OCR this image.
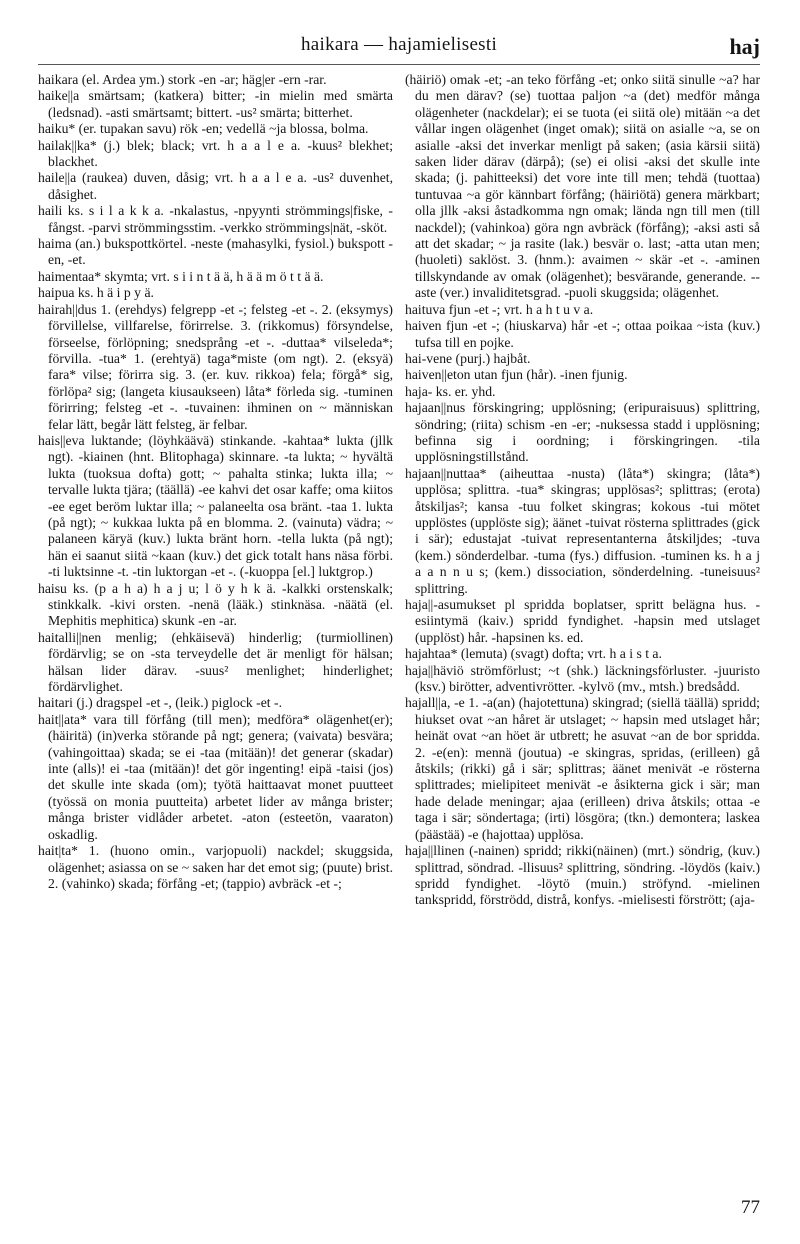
haikara — hajamielisesti	haj

haikara (el. Ardea ym.) stork -en -ar; häg|er -ern -rar.

haike||a smärtsam; (katkera) bitter; -in mielin med smärta (ledsnad). -asti smärtsamt; bittert. -us² smärta; bitterhet.

haiku* (er. tupakan savu) rök -en; vedellä ~ja blossa, bolma.

hailak||ka* (j.) blek; black; vrt. h a a l e a. -kuus² blekhet; blackhet.

haile||a (raukea) duven, dåsig; vrt. h a a l e a. -us² duvenhet, dåsighet.

haili ks. s i l a k k a. -nkalastus, -npyynti strömmings|fiske, -fångst. -parvi strömmingsstim. -verkko strömmings|nät, -sköt.

haima (an.) bukspottkörtel. -neste (mahasylki, fysiol.) bukspott -en, -et.

haimentaa* skymta; vrt. s i i n t ä ä, h ä ä m ö t t ä ä.

haipua ks. h ä i p y ä.

hairah||dus 1. (erehdys) felgrepp -et -; felsteg -et -. 2. (eksymys) förvillelse, villfarelse, förirrelse. 3. (rikkomus) försyndelse, förseelse, förlöpning; snedsprång -et -. -duttaa* vilseleda*; förvilla. -tua* 1. (erehtyä) taga*miste (om ngt). 2. (eksyä) fara* vilse; förirra sig. 3. (er. kuv. rikkoa) fela; förgå* sig, förlöpa² sig; (langeta kiusaukseen) låta* förleda sig. -tuminen förirring; felsteg -et -. -tuvainen: ihminen on ~ människan felar lätt, begår lätt felsteg, är felbar.

hais||eva luktande; (löyhkäävä) stinkande. -kahtaa* lukta (jllk ngt). -kiainen (hnt. Blitophaga) skinnare. -ta lukta; ~ hyvältä lukta (tuoksua dofta) gott; ~ pahalta stinka; lukta illa; ~ tervalle lukta tjära; (täällä) -ee kahvi det osar kaffe; oma kiitos -ee eget beröm luktar illa; ~ palaneelta osa bränt. -taa 1. lukta (på ngt); ~ kukkaa lukta på en blomma. 2. (vainuta) vädra; ~ palaneen käryä (kuv.) lukta bränt horn. -tella lukta (på ngt); hän ei saanut siitä ~kaan (kuv.) det gick totalt hans näsa förbi. -ti luktsinne -t. -tin luktorgan -et -. (-kuoppa [el.] luktgrop.)

haisu ks. (p a h a) h a j u; l ö y h k ä. -kalkki orstenskalk; stinkkalk. -kivi orsten. -nenä (lääk.) stinknäsa. -näätä (el. Mephitis mephitica) skunk -en -ar.

haitalli||nen menlig; (ehkäisevä) hinderlig; (turmiollinen) fördärvlig; se on -sta terveydelle det är menligt för hälsan; hälsan lider därav. -suus² menlighet; hinderlighet; fördärvlighet.

haitari (j.) dragspel -et -, (leik.) piglock -et -.

hait||ata* vara till förfång (till men); medföra* olägenhet(er); (häiritä) (in)verka störande på ngt; genera; (vaivata) besvära; (vahingoittaa) skada; se ei -taa (mitään)! det generar (skadar) inte (alls)! ei -taa (mitään)! det gör ingenting! eipä -taisi (jos) det skulle inte skada (om); työtä haittaavat monet puutteet (työssä on monia puutteita) arbetet lider av många brister; många brister vidlåder arbetet. -aton (esteetön, vaaraton) oskadlig.

hait|ta* 1. (huono omin., varjopuoli) nackdel; skuggsida, olägenhet; asiassa on se ~ saken har det emot sig; (puute) brist. 2. (vahinko) skada; förfång -et; (tappio) avbräck -et -;

(häiriö) omak -et; -an teko förfång -et; onko siitä sinulle ~a? har du men därav? (se) tuottaa paljon ~a (det) medför många olägenheter (nackdelar); ei se tuota (ei siitä ole) mitään ~a det vållar ingen olägenhet (inget omak); siitä on asialle ~a, se on asialle -aksi det inverkar menligt på saken; (asia kärsii siitä) saken lider därav (därpå); (se) ei olisi -aksi det skulle inte skada; (j. pahitteeksi) det vore inte till men; tehdä (tuottaa) tuntuvaa ~a gör kännbart förfång; (häiriötä) genera märkbart; olla jllk -aksi åstadkomma ngn omak; lända ngn till men (till nackdel); (vahinkoa) göra ngn avbräck (förfång); -aksi asti så att det skadar; ~ ja rasite (lak.) besvär o. last; -atta utan men; (huoleti) saklöst. 3. (hnm.): avaimen ~ skär -et -. -aminen tillskyndande av omak (olägenhet); besvärande, generande. --aste (ver.) invaliditetsgrad. -puoli skuggsida; olägenhet.

haituva fjun -et -; vrt. h a h t u v a.

haiven fjun -et -; (hiuskarva) hår -et -; ottaa poikaa ~ista (kuv.) tufsa till en pojke.

hai-vene (purj.) hajbåt.

haiven||eton utan fjun (hår). -inen fjunig.

haja- ks. er. yhd.

hajaan||nus förskingring; upplösning; (eripuraisuus) splittring, söndring; (riita) schism -en -er; -nuksessa stadd i upplösning; befinna sig i oordning; i förskingringen. -tila upplösningstillstånd.

hajaan||nuttaa* (aiheuttaa -nusta) (låta*) skingra; (låta*) upplösa; splittra. -tua* skingras; upplösas²; splittras; (erota) åtskiljas²; kansa -tuu folket skingras; kokous -tui mötet upplöstes (upplöste sig); äänet -tuivat rösterna splittrades (gick i sär); edustajat -tuivat representanterna åtskiljdes; -tuva (kem.) sönderdelbar. -tuma (fys.) diffusion. -tuminen ks. h a j a a n n u s; (kem.) dissociation, sönderdelning. -tuneisuus² splittring.

haja||-asumukset pl spridda boplatser, spritt belägna hus. -esiintymä (kaiv.) spridd fyndighet. -hapsin med utslaget (upplöst) hår. -hapsinen ks. ed.

hajahtaa* (lemuta) (svagt) dofta; vrt. h a i s t a.

haja||häviö strömförlust; ~t (shk.) läckningsförluster. -juuristo (ksv.) birötter, adventivrötter. -kylvö (mv., mtsh.) bredsådd.

hajall||a, -e 1. -a(an) (hajotettuna) skingrad; (siellä täällä) spridd; hiukset ovat ~an håret är utslaget; ~ hapsin med utslaget hår; heinät ovat ~an höet är utbrett; he asuvat ~an de bor spridda. 2. -e(en): mennä (joutua) -e skingras, spridas, (erilleen) gå åtskils; (rikki) gå i sär; splittras; äänet menivät -e rösterna splittrades; mielipiteet menivät -e åsikterna gick i sär; man hade delade meningar; ajaa (erilleen) driva åtskils; ottaa -e taga i sär; söndertaga; (irti) lösgöra; (tkn.) demontera; laskea (päästää) -e (hajottaa) upplösa.

haja||llinen (-nainen) spridd; rikki(näinen) (mrt.) söndrig, (kuv.) splittrad, söndrad. -llisuus² splittring, söndring. -löydös (kaiv.) spridd fyndighet. -löytö (muin.) ströfynd. -mielinen tankspridd, förströdd, distrå, konfys. -mielisesti förstrött; (aja-

77
